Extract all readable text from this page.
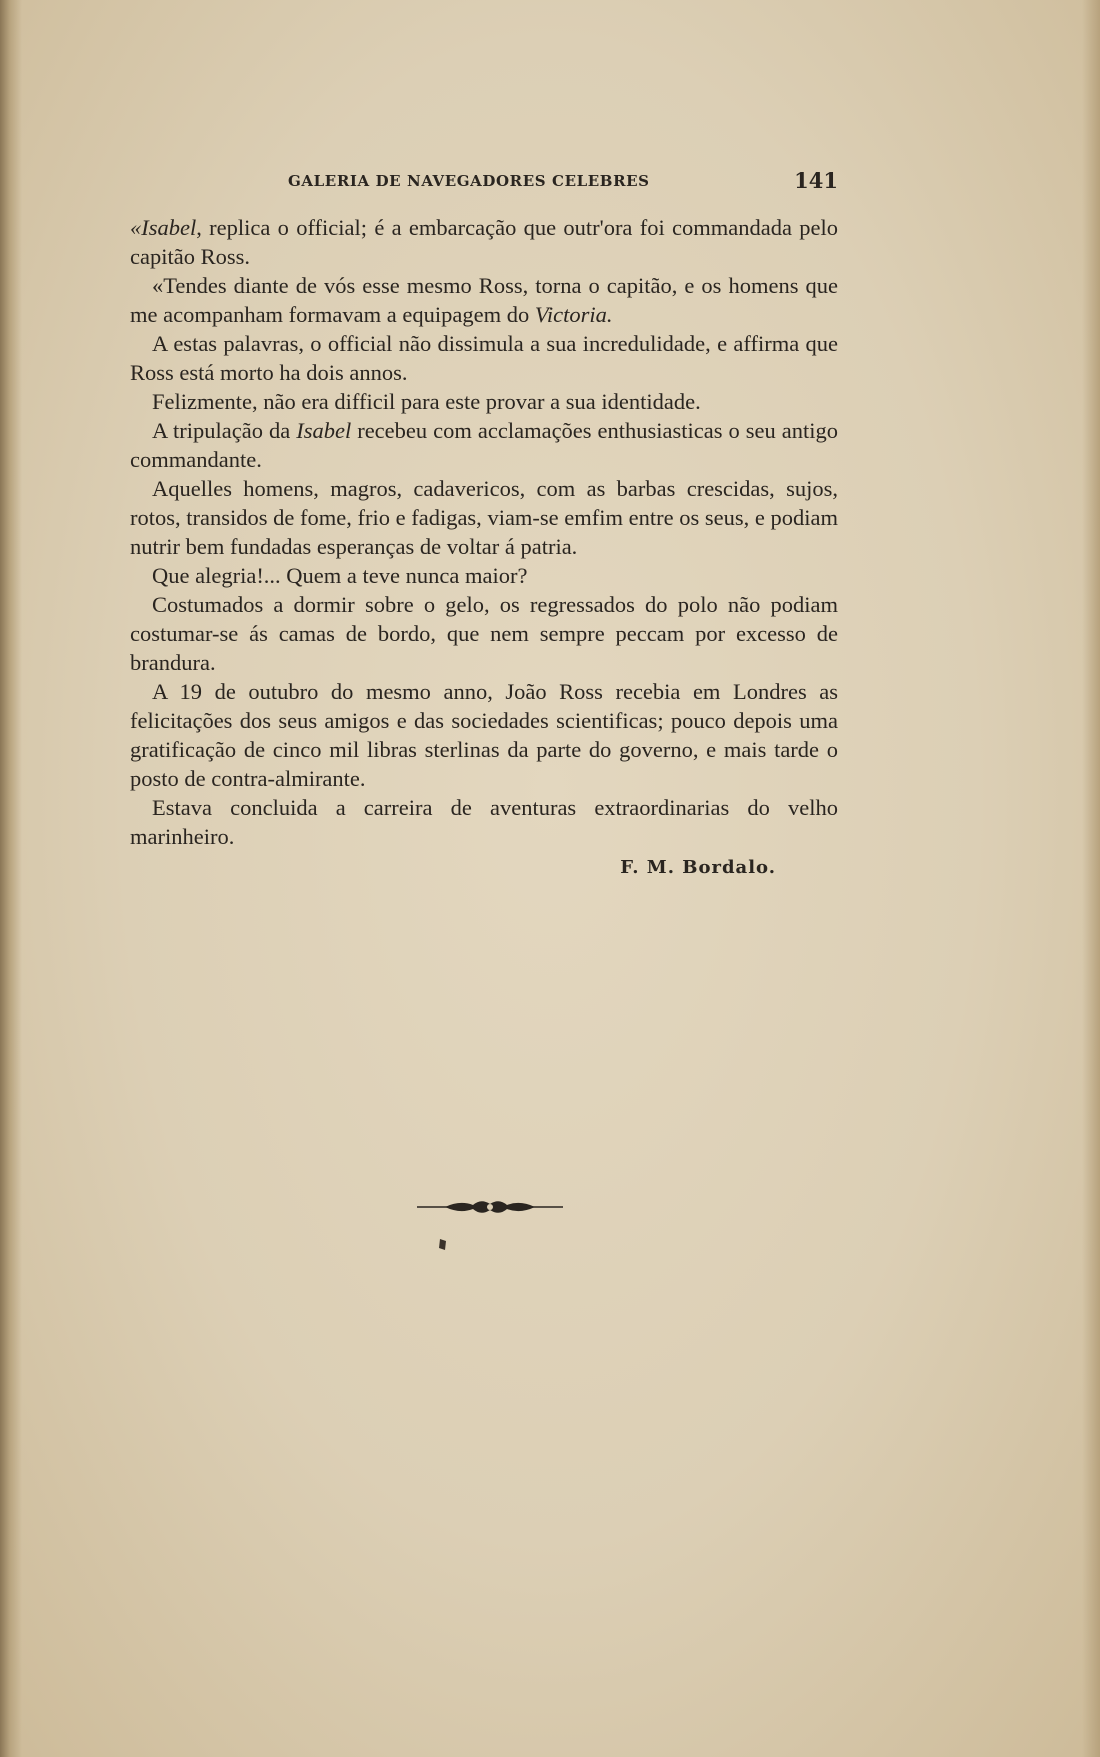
GALERIA DE NAVEGADORES CELEBRES	141

«Isabel, replica o official; é a embarcação que outr'ora foi commandada pelo capitão Ross.

«Tendes diante de vós esse mesmo Ross, torna o capitão, e os homens que me acompanham formavam a equipagem do Victoria.

A estas palavras, o official não dissimula a sua incredulidade, e affirma que Ross está morto ha dois annos.

Felizmente, não era difficil para este provar a sua identidade.

A tripulação da Isabel recebeu com acclamações enthusiasticas o seu antigo commandante.

Aquelles homens, magros, cadavericos, com as barbas crescidas, sujos, rotos, transidos de fome, frio e fadigas, viam-se emfim entre os seus, e podiam nutrir bem fundadas esperanças de voltar á patria.

Que alegria!... Quem a teve nunca maior?

Costumados a dormir sobre o gelo, os regressados do polo não podiam costumar-se ás camas de bordo, que nem sempre peccam por excesso de brandura.

A 19 de outubro do mesmo anno, João Ross recebia em Londres as felicitações dos seus amigos e das sociedades scientificas; pouco depois uma gratificação de cinco mil libras sterlinas da parte do governo, e mais tarde o posto de contra-almirante.

Estava concluida a carreira de aventuras extraordinarias do velho marinheiro.

F. M. Bordalo.
